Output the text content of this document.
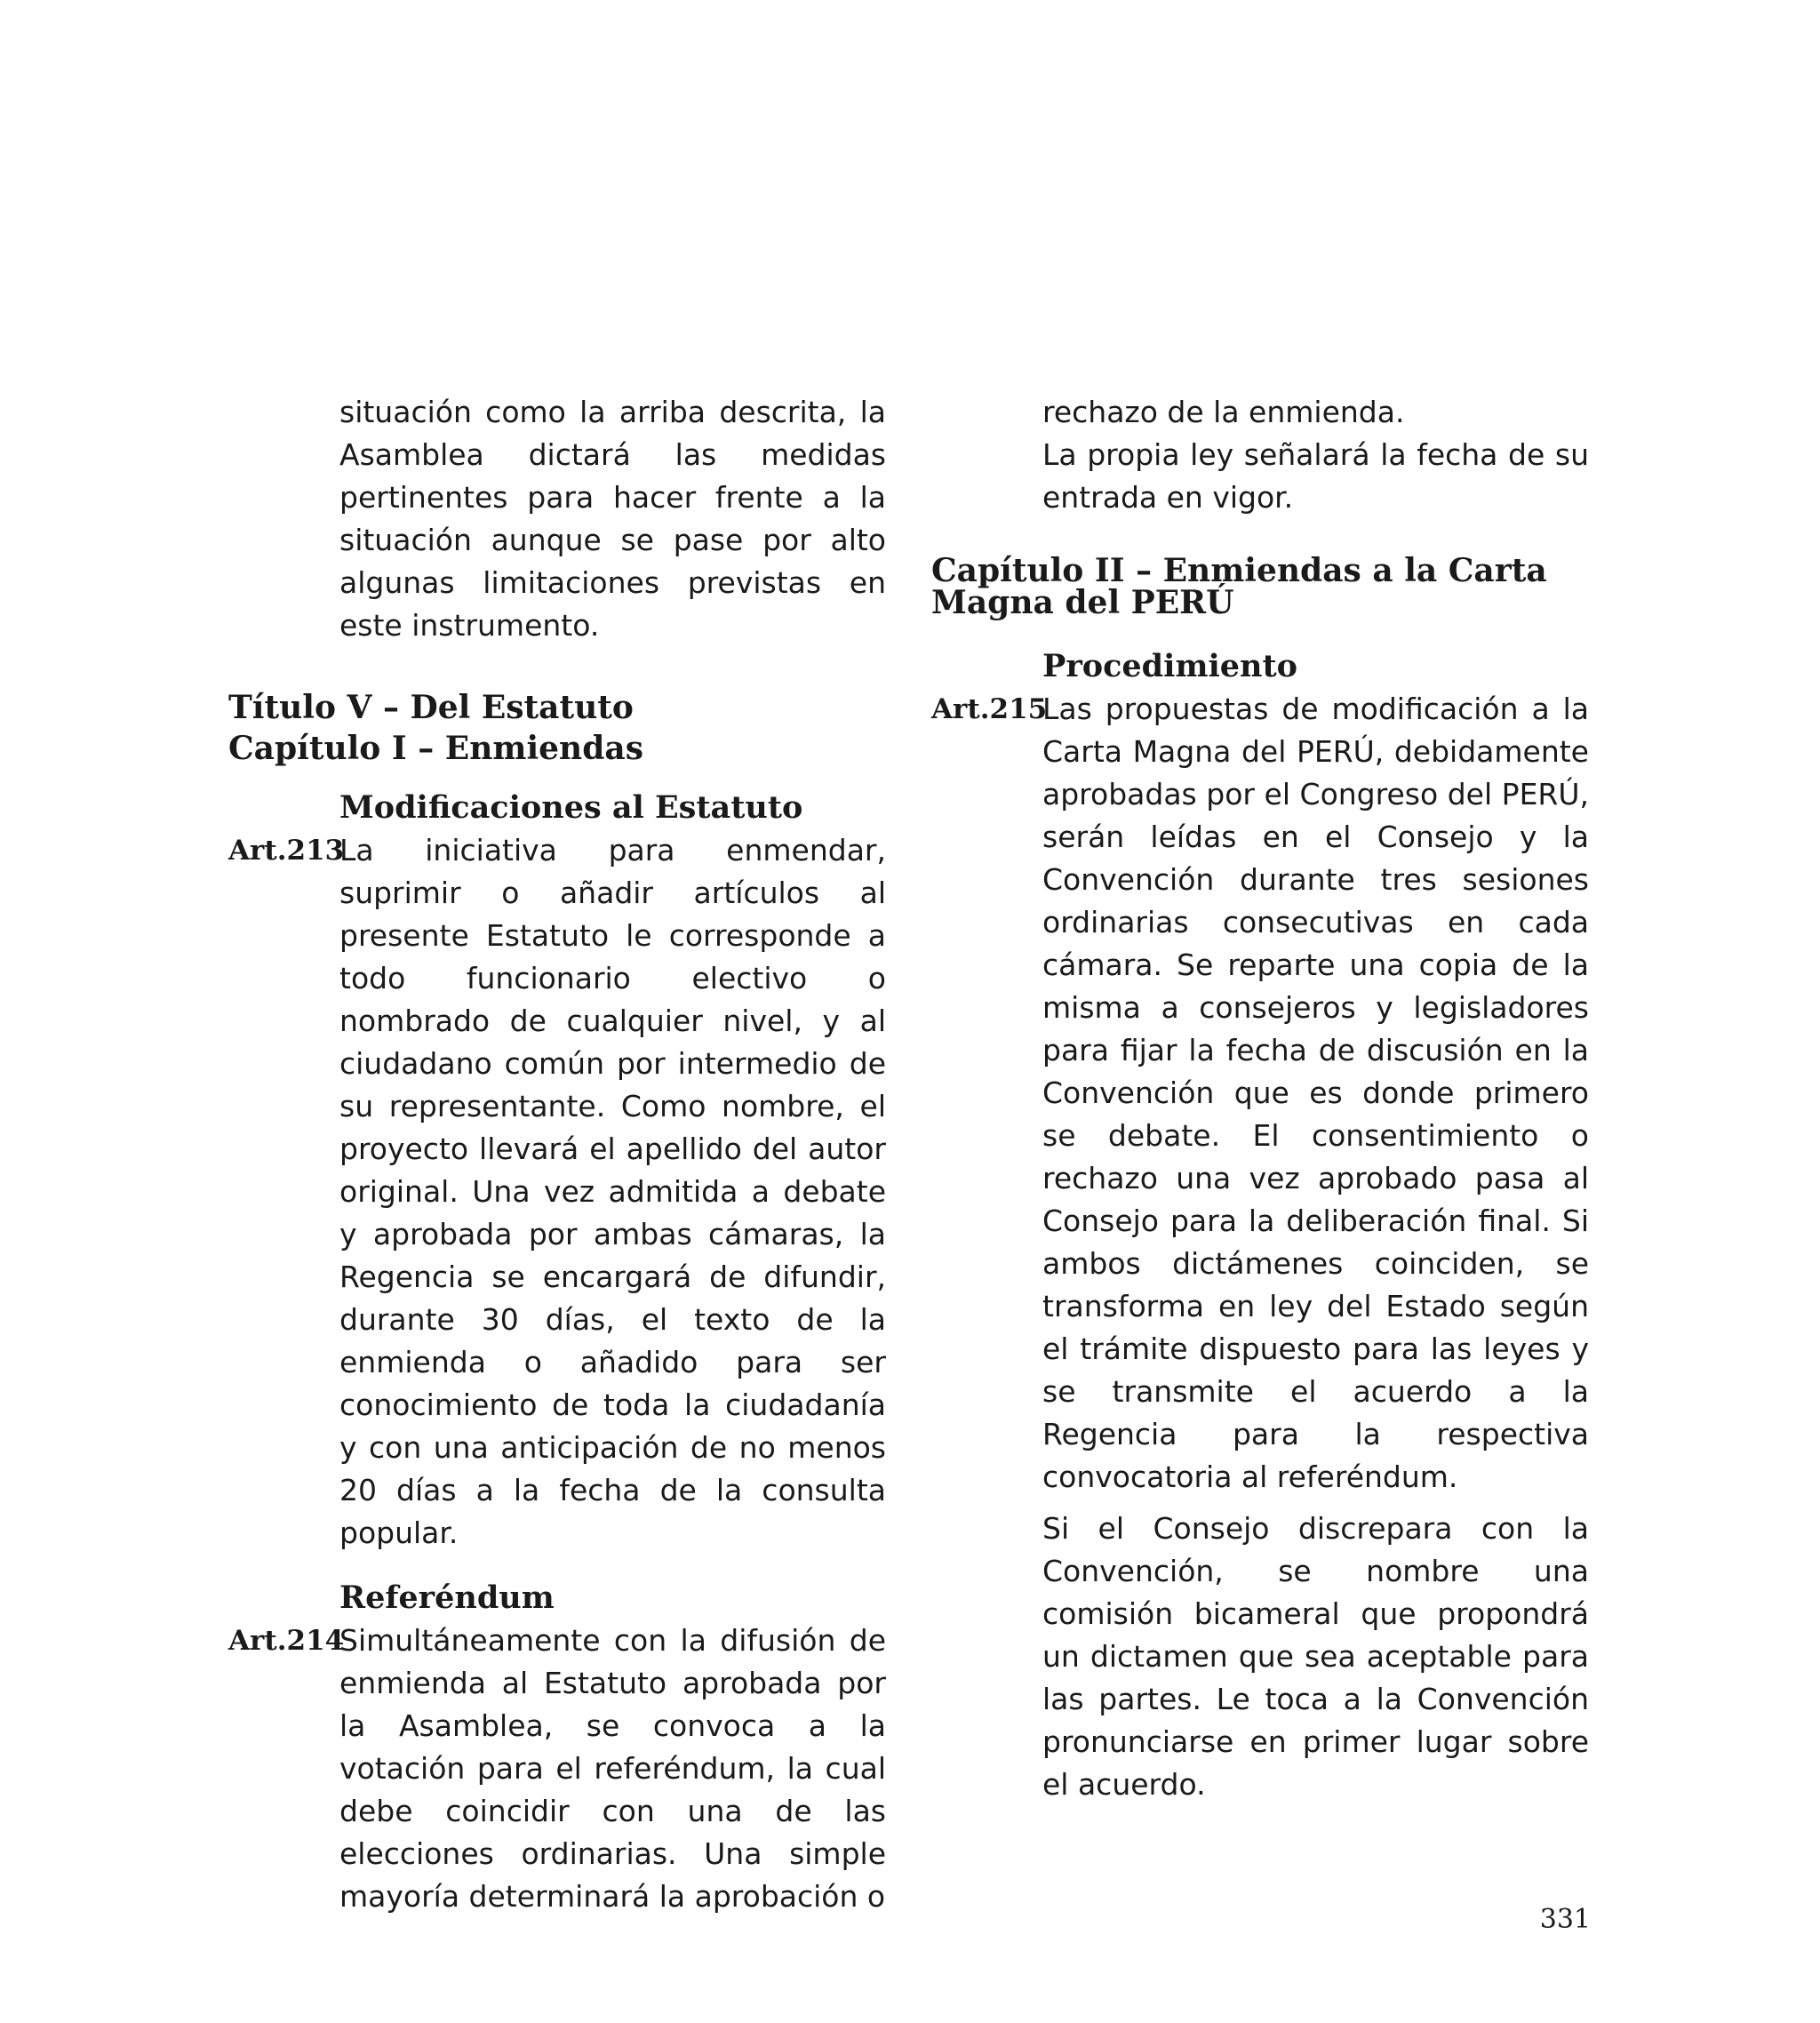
situación como la arriba descrita, la Asamblea dictará las medidas pertinentes para hacer frente a la situación aunque se pase por alto algunas limitaciones previstas en este instrumento.

Título V – Del Estatuto
Capítulo I – Enmiendas
Modificaciones al Estatuto
Art.213

La iniciativa para enmendar, suprimir o añadir artículos al presente Estatuto le corresponde a todo funcionario electivo o nombrado de cualquier nivel, y al ciudadano común por intermedio de su representante. Como nombre, el proyecto llevará el apellido del autor original. Una vez admitida a debate y aprobada por ambas cámaras, la Regencia se encargará de difundir, durante 30 días, el texto de la enmienda o añadido para ser conocimiento de toda la ciudadanía y con una anticipación de no menos 20 días a la fecha de la consulta popular.

Referéndum
Art.214

Simultáneamente con la difusión de enmienda al Estatuto aprobada por la Asamblea, se convoca a la votación para el referéndum, la cual debe coincidir con una de las elecciones ordinarias. Una simple mayoría determinará la aprobación o

rechazo de la enmienda.

La propia ley señalará la fecha de su entrada en vigor.

Capítulo II – Enmiendas a la Carta Magna del PERÚ
Procedimiento
Art.215

Las propuestas de modificación a la Carta Magna del PERÚ, debidamente aprobadas por el Congreso del PERÚ, serán leídas en el Consejo y la Convención durante tres sesiones ordinarias consecutivas en cada cámara. Se reparte una copia de la misma a consejeros y legisladores para fijar la fecha de discusión en la Convención que es donde primero se debate. El consentimiento o rechazo una vez aprobado pasa al Consejo para la deliberación final. Si ambos dictámenes coinciden, se transforma en ley del Estado según el trámite dispuesto para las leyes y se transmite el acuerdo a la Regencia para la respectiva convocatoria al referéndum.

Si el Consejo discrepara con la Convención, se nombre una comisión bicameral que propondrá un dictamen que sea aceptable para las partes. Le toca a la Convención pronunciarse en primer lugar sobre el acuerdo.

331
